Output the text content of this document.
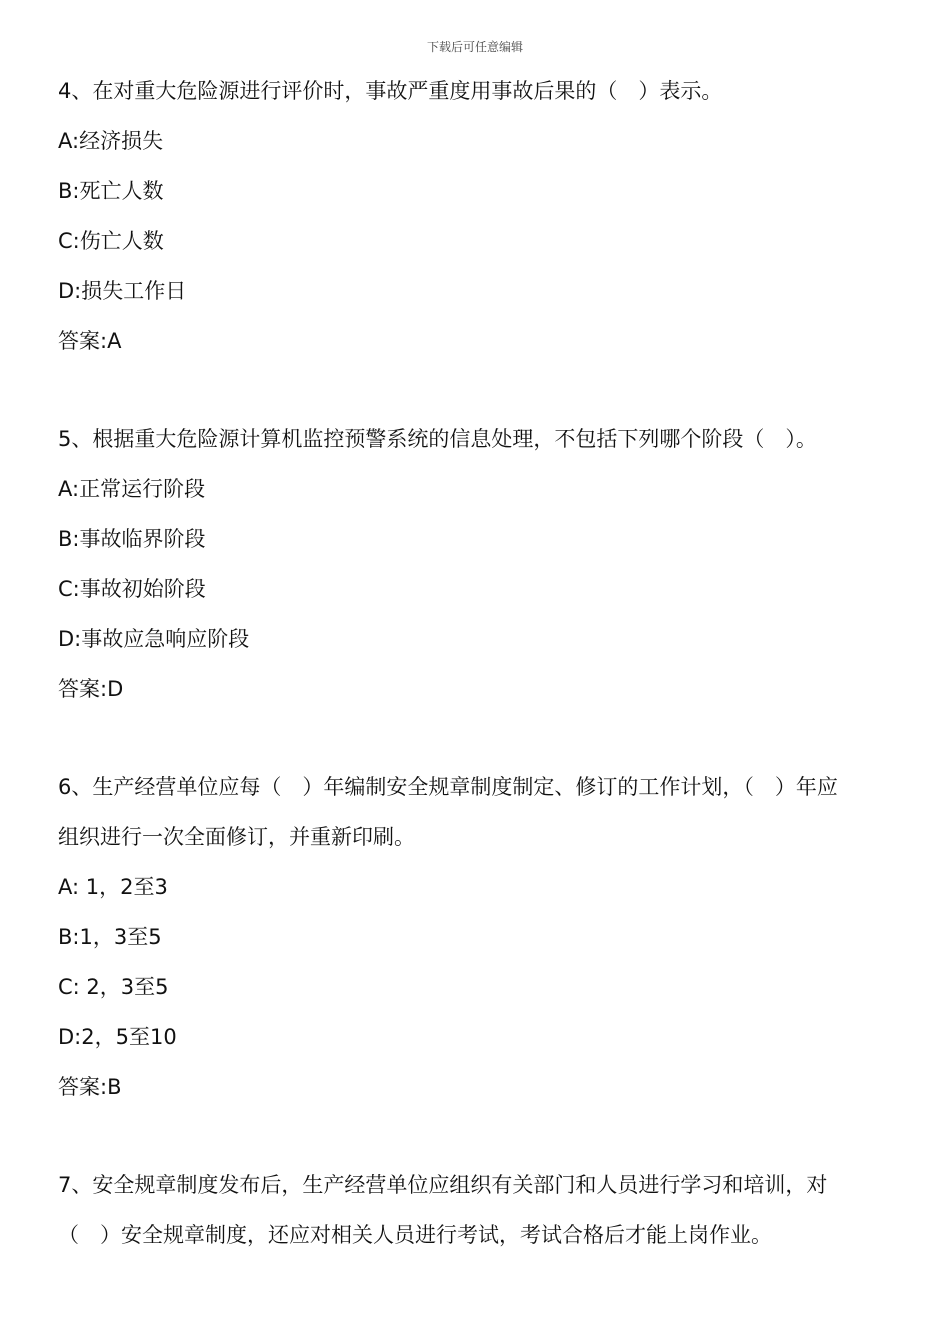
下载后可任意编辑

4、在对重大危险源进行评价时，事故严重度用事故后果的（　）表示。

A:经济损失

B:死亡人数

C:伤亡人数

D:损失工作日

答案:A

5、根据重大危险源计算机监控预警系统的信息处理，不包括下列哪个阶段（　）。

A:正常运行阶段

B:事故临界阶段

C:事故初始阶段

D:事故应急响应阶段

答案:D

6、生产经营单位应每（　）年编制安全规章制度制定、修订的工作计划，（　）年应

组织进行一次全面修订，并重新印刷。

A: 1，2至3

B:1，3至5

C: 2，3至5

D:2，5至10

答案:B

7、安全规章制度发布后，生产经营单位应组织有关部门和人员进行学习和培训，对

（　）安全规章制度，还应对相关人员进行考试，考试合格后才能上岗作业。
